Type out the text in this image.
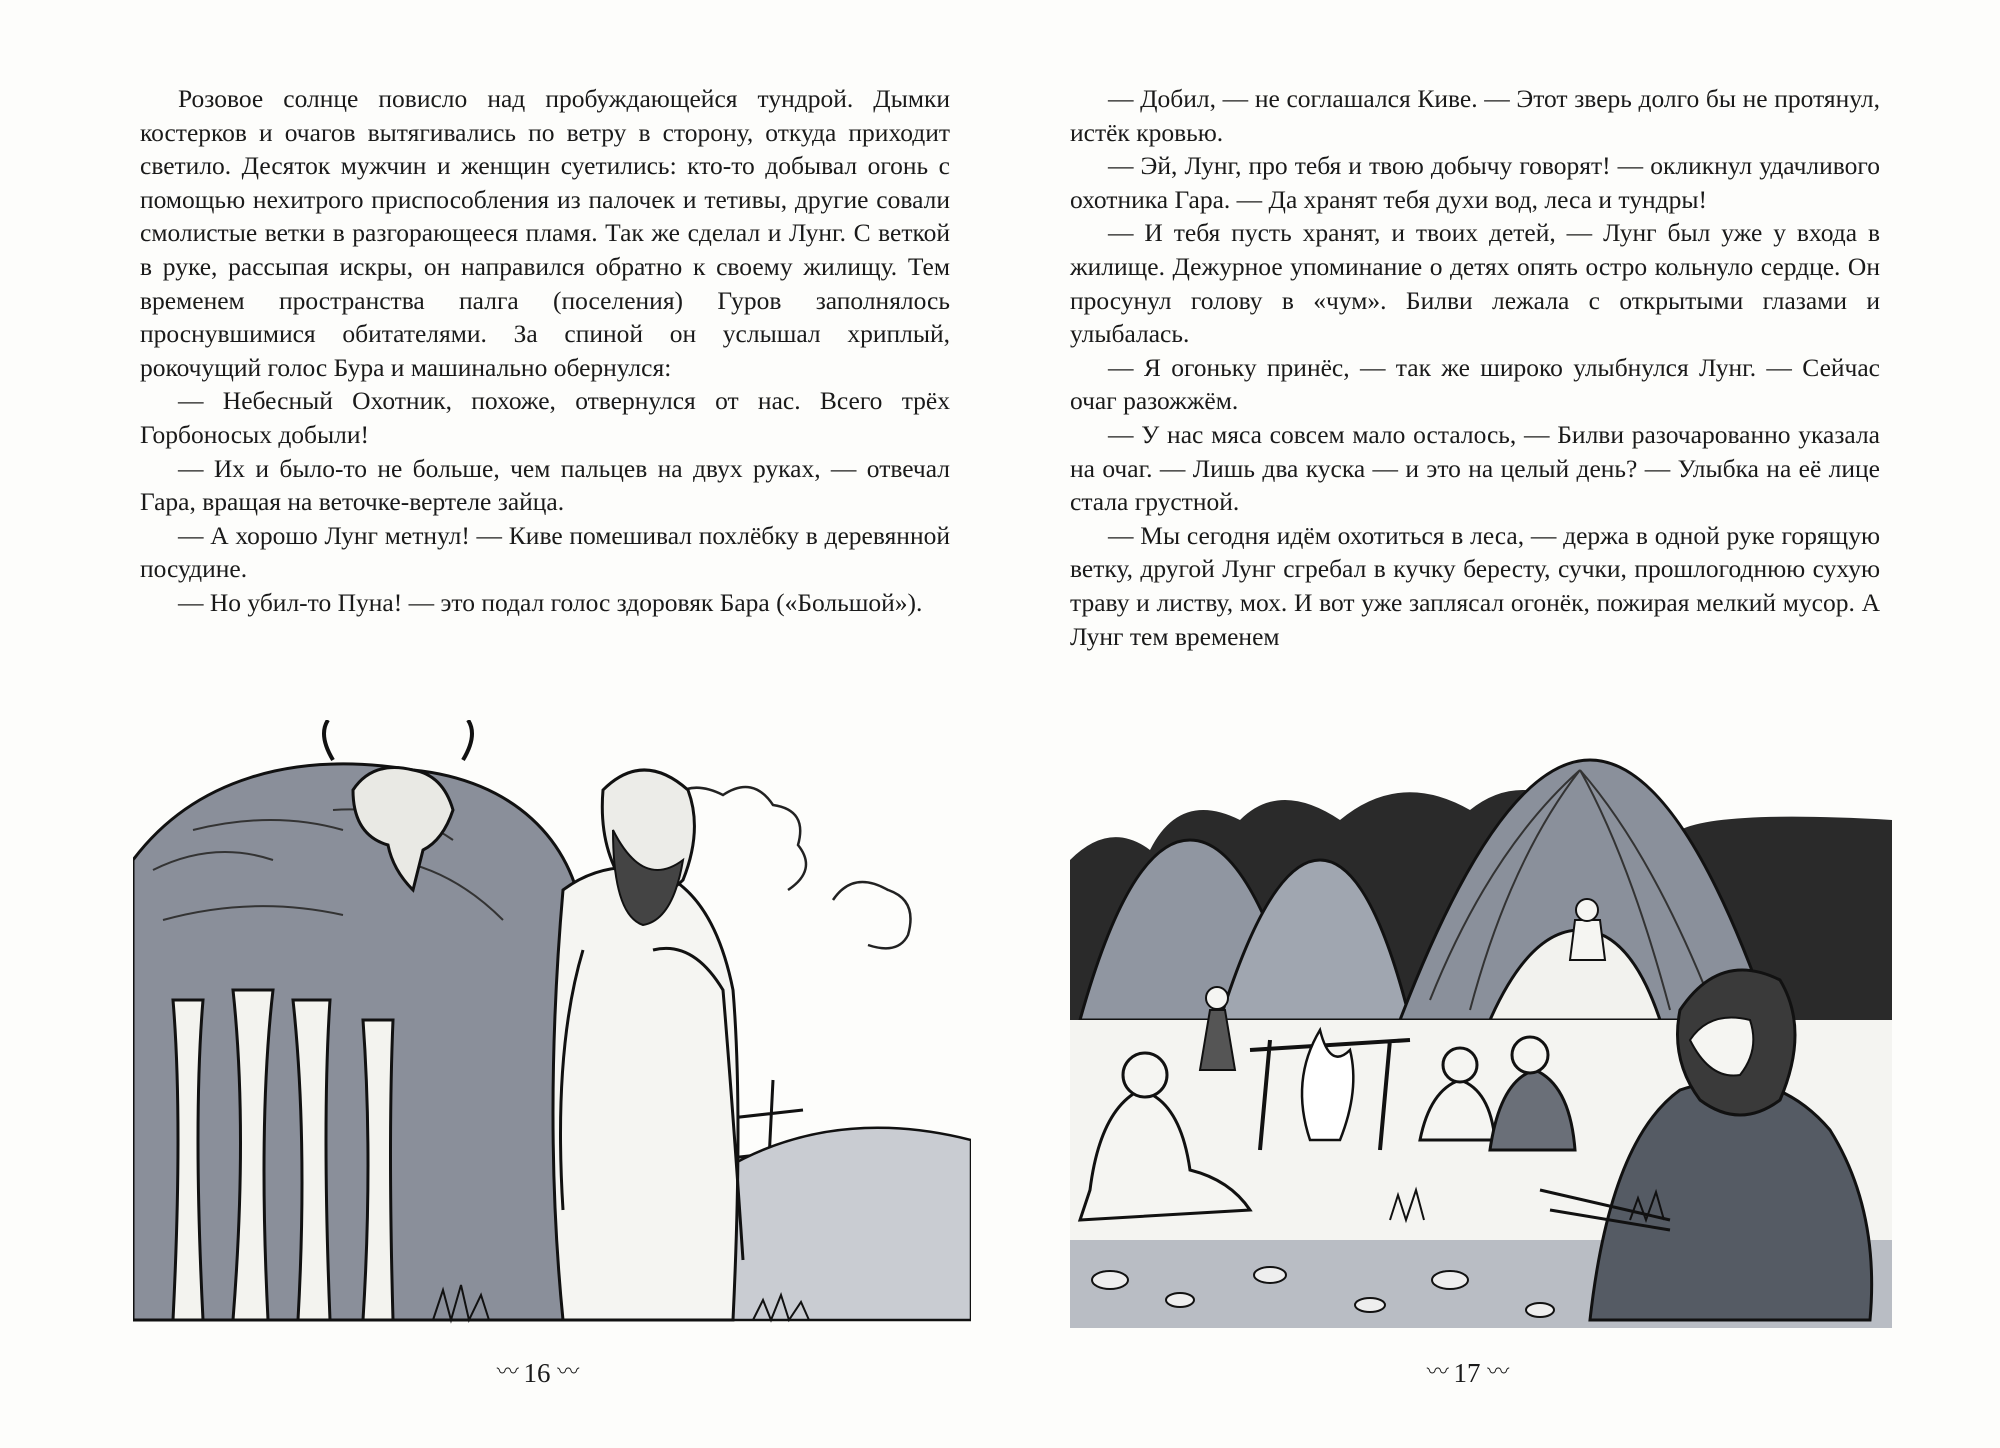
Розовое солнце повисло над пробуждающейся тундрой. Дымки костерков и очагов вытягивались по ветру в сторону, откуда приходит светило. Десяток мужчин и женщин суетились: кто-то добывал огонь с помощью нехитрого приспособления из палочек и тетивы, другие совали смолистые ветки в разгорающееся пламя. Так же сделал и Лунг. С веткой в руке, рассыпая искры, он направился обратно к своему жилищу. Тем временем пространства палга (поселения) Гуров заполнялось проснувшимися обитателями. За спиной он услышал хриплый, рокочущий голос Бура и машинально обернулся:

— Небесный Охотник, похоже, отвернулся от нас. Всего трёх Горбоносых добыли!

— Их и было-то не больше, чем пальцев на двух руках, — отвечал Гара, вращая на веточке-вертеле зайца.

— А хорошо Лунг метнул! — Киве помешивал похлёбку в деревянной посудине.

— Но убил-то Пуна! — это подал голос здоровяк Бара («Большой»).

〰 16 〰

— Добил, — не соглашался Киве. — Этот зверь долго бы не протянул, истёк кровью.

— Эй, Лунг, про тебя и твою добычу говорят! — окликнул удачливого охотника Гара. — Да хранят тебя духи вод, леса и тундры!

— И тебя пусть хранят, и твоих детей, — Лунг был уже у входа в жилище. Дежурное упоминание о детях опять остро кольнуло сердце. Он просунул голову в «чум». Билви лежала с открытыми глазами и улыбалась.

— Я огоньку принёс, — так же широко улыбнулся Лунг. — Сейчас очаг разожжём.

— У нас мяса совсем мало осталось, — Билви разочарованно указала на очаг. — Лишь два куска — и это на целый день? — Улыбка на её лице стала грустной.

— Мы сегодня идём охотиться в леса, — держа в одной руке горящую ветку, другой Лунг сгребал в кучку бересту, сучки, прошлогоднюю сухую траву и листву, мох. И вот уже заплясал огонёк, пожирая мелкий мусор. А Лунг тем временем

〰 17 〰
